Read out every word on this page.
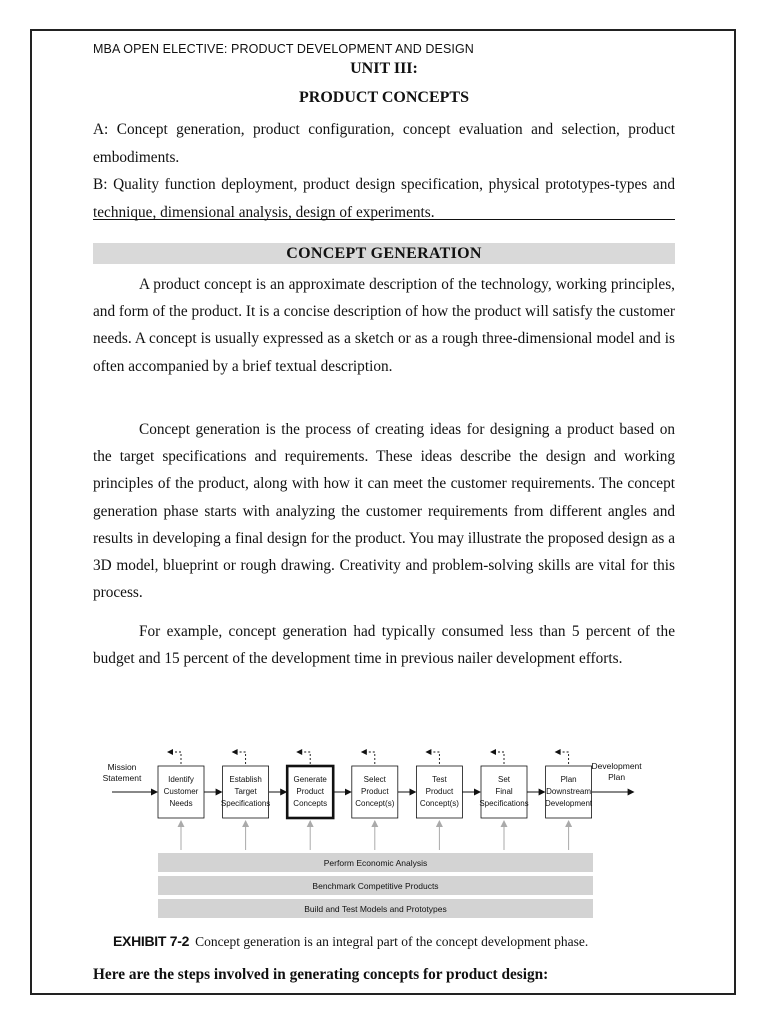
MBA OPEN ELECTIVE: PRODUCT DEVELOPMENT AND DESIGN
UNIT III:
PRODUCT CONCEPTS

A: Concept generation, product configuration, concept evaluation and selection, product embodiments.

B: Quality function deployment, product design specification, physical prototypes-types and technique, dimensional analysis, design of experiments.

CONCEPT GENERATION

A product concept is an approximate description of the technology, working principles, and form of the product. It is a concise description of how the product will satisfy the customer needs. A concept is usually expressed as a sketch or as a rough three-dimensional model and is often accompanied by a brief textual description.

Concept generation is the process of creating ideas for designing a product based on the target specifications and requirements. These ideas describe the design and working principles of the product, along with how it can meet the customer requirements. The concept generation phase starts with analyzing the customer requirements from different angles and results in developing a final design for the product. You may illustrate the proposed design as a 3D model, blueprint or rough drawing. Creativity and problem-solving skills are vital for this process.

For example, concept generation had typically consumed less than 5 percent of the budget and 15 percent of the development time in previous nailer development efforts.

Mission
Statement	Identify
Customer
Needs
Establish
Target
Specifications
Generate
Product
Concepts
Select
Product
Concept(s)
Test
Product
Concept(s)
Set
Final
Specifications
Plan
Downstream
Development
Development
Plan
Perform Economic Analysis
Benchmark Competitive Products
Build and Test Models and Prototypes
EXHIBIT 7-2 Concept generation is an integral part of the concept development phase.
Here are the steps involved in generating concepts for product design:
